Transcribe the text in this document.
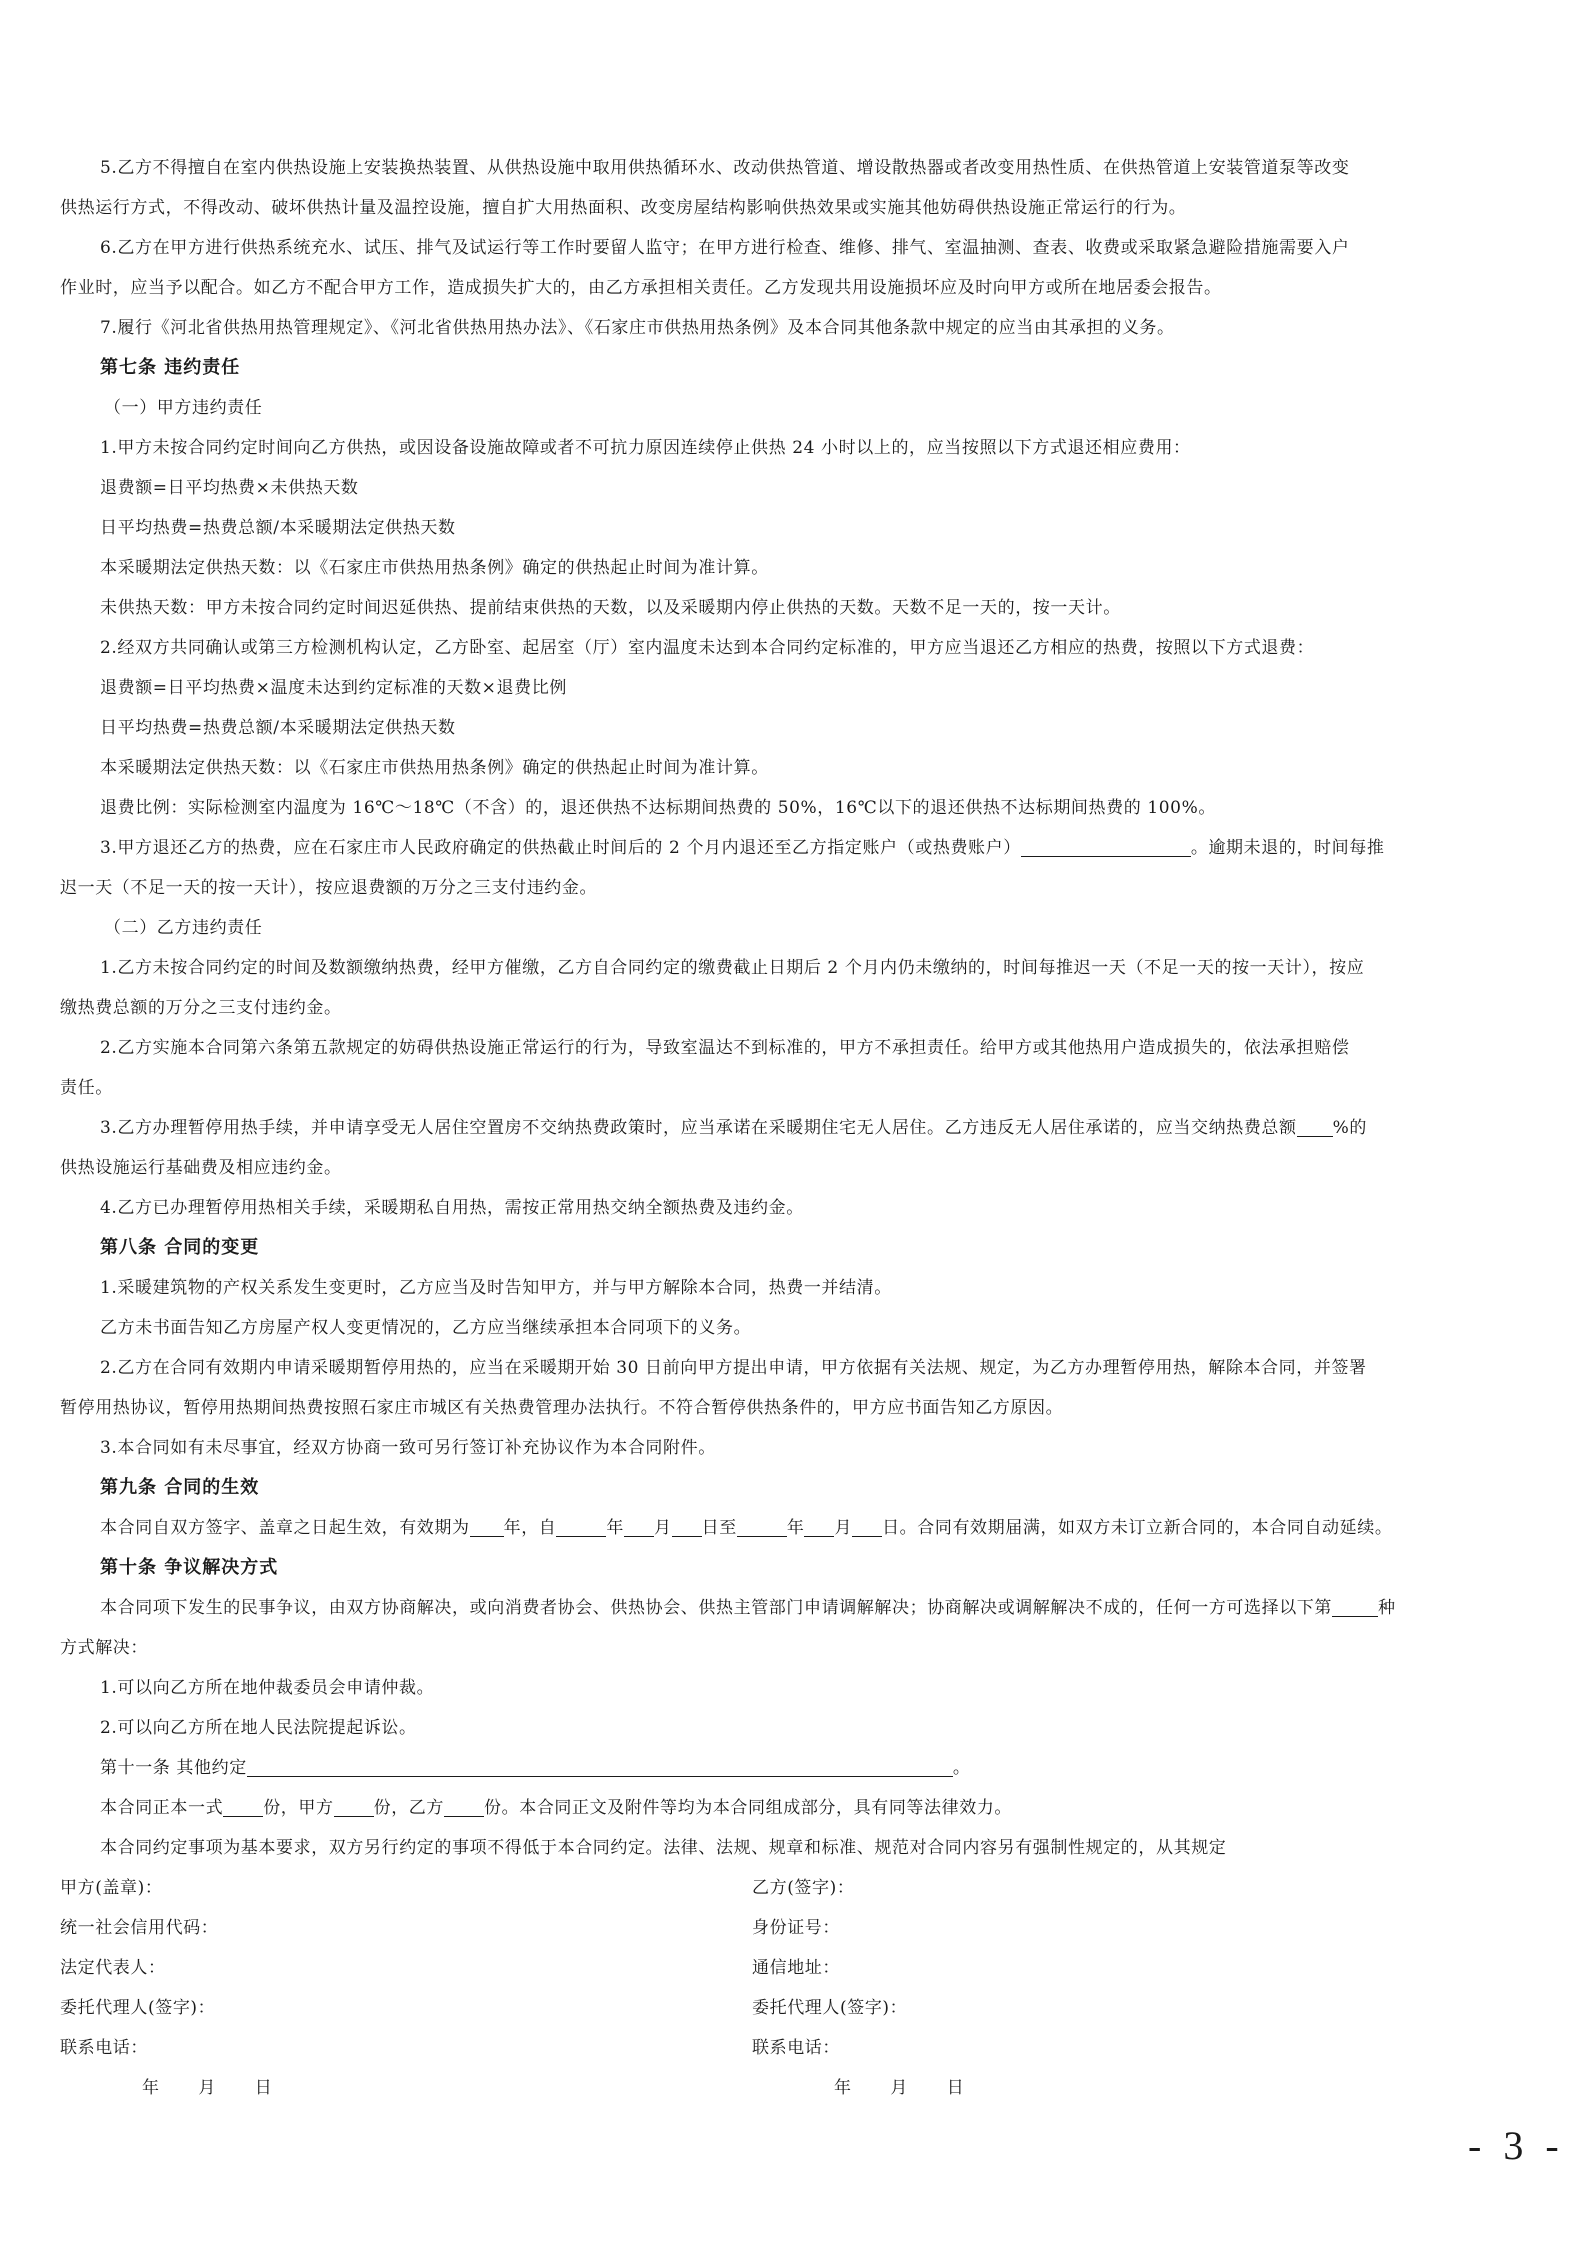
5.乙方不得擅自在室内供热设施上安装换热装置、从供热设施中取用供热循环水、改动供热管道、增设散热器或者改变用热性质、在供热管道上安装管道泵等改变
供热运行方式，不得改动、破坏供热计量及温控设施，擅自扩大用热面积、改变房屋结构影响供热效果或实施其他妨碍供热设施正常运行的行为。
6.乙方在甲方进行供热系统充水、试压、排气及试运行等工作时要留人监守；在甲方进行检查、维修、排气、室温抽测、查表、收费或采取紧急避险措施需要入户
作业时，应当予以配合。如乙方不配合甲方工作，造成损失扩大的，由乙方承担相关责任。乙方发现共用设施损坏应及时向甲方或所在地居委会报告。
7.履行《河北省供热用热管理规定》、《河北省供热用热办法》、《石家庄市供热用热条例》及本合同其他条款中规定的应当由其承担的义务。
第七条 违约责任
（一）甲方违约责任
1.甲方未按合同约定时间向乙方供热，或因设备设施故障或者不可抗力原因连续停止供热 24 小时以上的，应当按照以下方式退还相应费用：
退费额=日平均热费×未供热天数
日平均热费=热费总额/本采暖期法定供热天数
本采暖期法定供热天数：以《石家庄市供热用热条例》确定的供热起止时间为准计算。
未供热天数：甲方未按合同约定时间迟延供热、提前结束供热的天数，以及采暖期内停止供热的天数。天数不足一天的，按一天计。
2.经双方共同确认或第三方检测机构认定，乙方卧室、起居室（厅）室内温度未达到本合同约定标准的，甲方应当退还乙方相应的热费，按照以下方式退费：
退费额=日平均热费×温度未达到约定标准的天数×退费比例
日平均热费=热费总额/本采暖期法定供热天数
本采暖期法定供热天数：以《石家庄市供热用热条例》确定的供热起止时间为准计算。
退费比例：实际检测室内温度为 16℃～18℃（不含）的，退还供热不达标期间热费的 50%，16℃以下的退还供热不达标期间热费的 100%。
3.甲方退还乙方的热费，应在石家庄市人民政府确定的供热截止时间后的 2 个月内退还至乙方指定账户（或热费账户）	。逾期未退的，时间每推
迟一天（不足一天的按一天计），按应退费额的万分之三支付违约金。
（二）乙方违约责任
1.乙方未按合同约定的时间及数额缴纳热费，经甲方催缴，乙方自合同约定的缴费截止日期后 2 个月内仍未缴纳的，时间每推迟一天（不足一天的按一天计），按应
缴热费总额的万分之三支付违约金。
2.乙方实施本合同第六条第五款规定的妨碍供热设施正常运行的行为，导致室温达不到标准的，甲方不承担责任。给甲方或其他热用户造成损失的，依法承担赔偿
责任。
3.乙方办理暂停用热手续，并申请享受无人居住空置房不交纳热费政策时，应当承诺在采暖期住宅无人居住。乙方违反无人居住承诺的，应当交纳热费总额 %的
供热设施运行基础费及相应违约金。
4.乙方已办理暂停用热相关手续，采暖期私自用热，需按正常用热交纳全额热费及违约金。
第八条 合同的变更
1.采暖建筑物的产权关系发生变更时，乙方应当及时告知甲方，并与甲方解除本合同，热费一并结清。
乙方未书面告知乙方房屋产权人变更情况的，乙方应当继续承担本合同项下的义务。
2.乙方在合同有效期内申请采暖期暂停用热的，应当在采暖期开始 30 日前向甲方提出申请，甲方依据有关法规、规定，为乙方办理暂停用热，解除本合同，并签署
暂停用热协议，暂停用热期间热费按照石家庄市城区有关热费管理办法执行。不符合暂停供热条件的，甲方应书面告知乙方原因。
3.本合同如有未尽事宜，经双方协商一致可另行签订补充协议作为本合同附件。
第九条 合同的生效
本合同自双方签字、盖章之日起生效，有效期为 年，自	年 月 日至	年 月 日。合同有效期届满，如双方未订立新合同的，本合同自动延续。
第十条 争议解决方式
本合同项下发生的民事争议，由双方协商解决，或向消费者协会、供热协会、供热主管部门申请调解解决；协商解决或调解解决不成的，任何一方可选择以下第	种
方式解决：
1.可以向乙方所在地仲裁委员会申请仲裁。
2.可以向乙方所在地人民法院提起诉讼。
第十一条 其他约定	。
本合同正本一式 份，甲方 份，乙方 份。本合同正文及附件等均为本合同组成部分，具有同等法律效力。
本合同约定事项为基本要求，双方另行约定的事项不得低于本合同约定。法律、法规、规章和标准、规范对合同内容另有强制性规定的，从其规定
甲方(盖章)：	乙方(签字)：
统一社会信用代码：	身份证号：
法定代表人：	通信地址：
委托代理人(签字)：	委托代理人(签字)：
联系电话：	联系电话：
年 月 日	年 月 日
- 3 -
